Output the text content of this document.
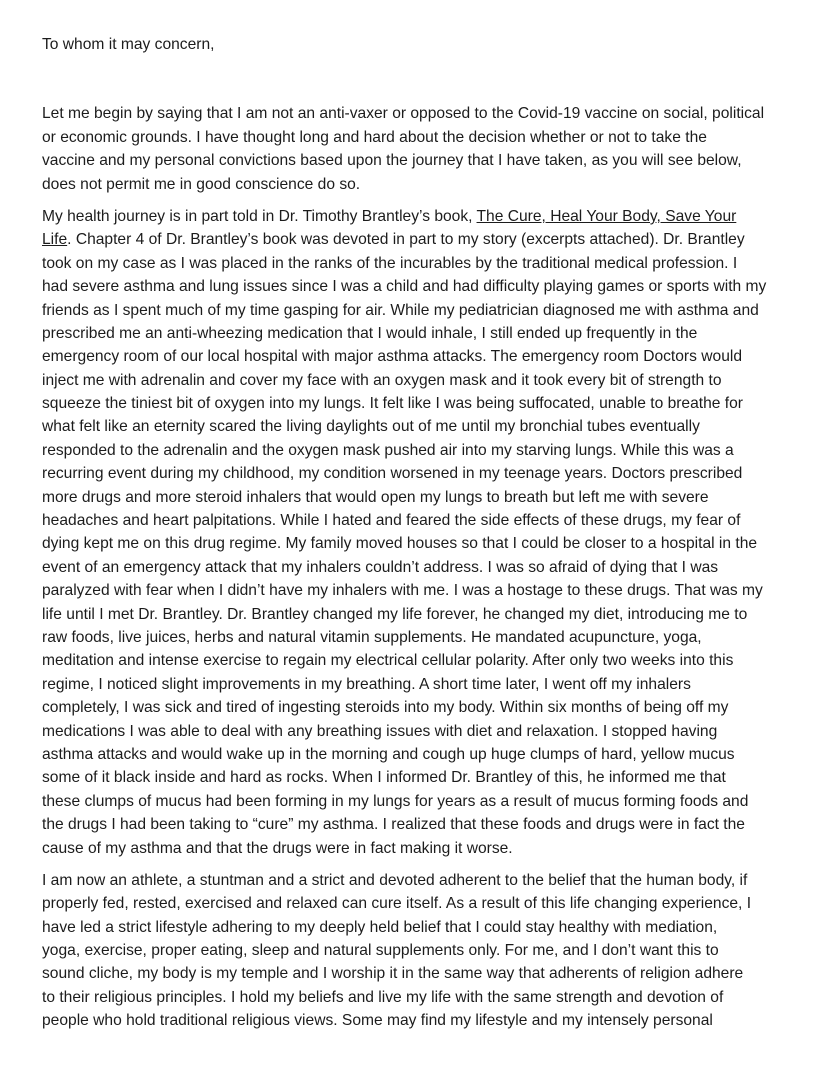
To whom it may concern,
Let me begin by saying that I am not an anti-vaxer or opposed to the Covid-19 vaccine on social, political
or economic grounds. I have thought long and hard about the decision whether or not to take the
vaccine and my personal convictions based upon the journey that I have taken, as you will see below,
does not permit me in good conscience do so.
My health journey is in part told in Dr. Timothy Brantley’s book, The Cure, Heal Your Body, Save Your
Life. Chapter 4 of Dr. Brantley’s book was devoted in part to my story (excerpts attached). Dr. Brantley
took on my case as I was placed in the ranks of the incurables by the traditional medical profession. I
had severe asthma and lung issues since I was a child and had difficulty playing games or sports with my
friends as I spent much of my time gasping for air. While my pediatrician diagnosed me with asthma and
prescribed me an anti-wheezing medication that I would inhale, I still ended up frequently in the
emergency room of our local hospital with major asthma attacks. The emergency room Doctors would
inject me with adrenalin and cover my face with an oxygen mask and it took every bit of strength to
squeeze the tiniest bit of oxygen into my lungs. It felt like I was being suffocated, unable to breathe for
what felt like an eternity scared the living daylights out of me until my bronchial tubes eventually
responded to the adrenalin and the oxygen mask pushed air into my starving lungs. While this was a
recurring event during my childhood, my condition worsened in my teenage years. Doctors prescribed
more drugs and more steroid inhalers that would open my lungs to breath but left me with severe
headaches and heart palpitations. While I hated and feared the side effects of these drugs, my fear of
dying kept me on this drug regime. My family moved houses so that I could be closer to a hospital in the
event of an emergency attack that my inhalers couldn’t address. I was so afraid of dying that I was
paralyzed with fear when I didn’t have my inhalers with me. I was a hostage to these drugs. That was my
life until I met Dr. Brantley. Dr. Brantley changed my life forever, he changed my diet, introducing me to
raw foods, live juices, herbs and natural vitamin supplements. He mandated acupuncture, yoga,
meditation and intense exercise to regain my electrical cellular polarity. After only two weeks into this
regime, I noticed slight improvements in my breathing. A short time later, I went off my inhalers
completely, I was sick and tired of ingesting steroids into my body. Within six months of being off my
medications I was able to deal with any breathing issues with diet and relaxation. I stopped having
asthma attacks and would wake up in the morning and cough up huge clumps of hard, yellow mucus
some of it black inside and hard as rocks. When I informed Dr. Brantley of this, he informed me that
these clumps of mucus had been forming in my lungs for years as a result of mucus forming foods and
the drugs I had been taking to “cure” my asthma. I realized that these foods and drugs were in fact the
cause of my asthma and that the drugs were in fact making it worse.
I am now an athlete, a stuntman and a strict and devoted adherent to the belief that the human body, if
properly fed, rested, exercised and relaxed can cure itself. As a result of this life changing experience, I
have led a strict lifestyle adhering to my deeply held belief that I could stay healthy with mediation,
yoga, exercise, proper eating, sleep and natural supplements only. For me, and I don’t want this to
sound cliche, my body is my temple and I worship it in the same way that adherents of religion adhere
to their religious principles. I hold my beliefs and live my life with the same strength and devotion of
people who hold traditional religious views. Some may find my lifestyle and my intensely personal
